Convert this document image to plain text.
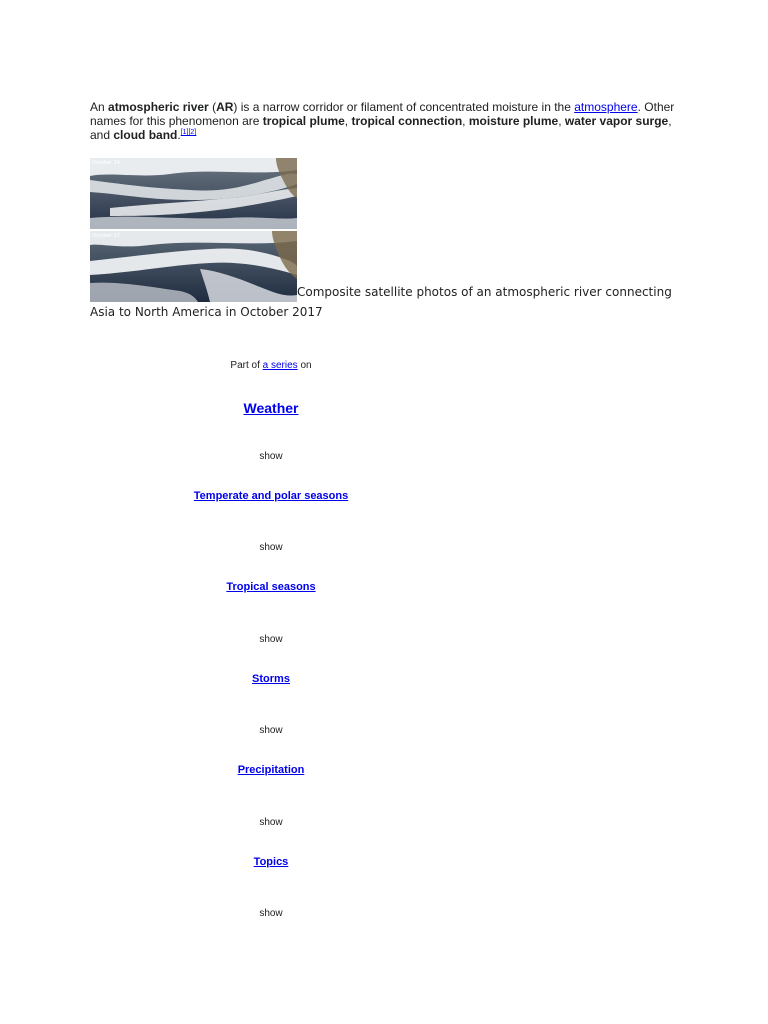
An atmospheric river (AR) is a narrow corridor or filament of concentrated moisture in the atmosphere. Other names for this phenomenon are tropical plume, tropical connection, moisture plume, water vapor surge, and cloud band.[1][2]
October 14
October 17
Composite satellite photos of an atmospheric river connecting Asia to North America in October 2017
Part of a series on
Weather
show
Temperate and polar seasons
show
Tropical seasons
show
Storms
show
Precipitation
show
Topics
show
